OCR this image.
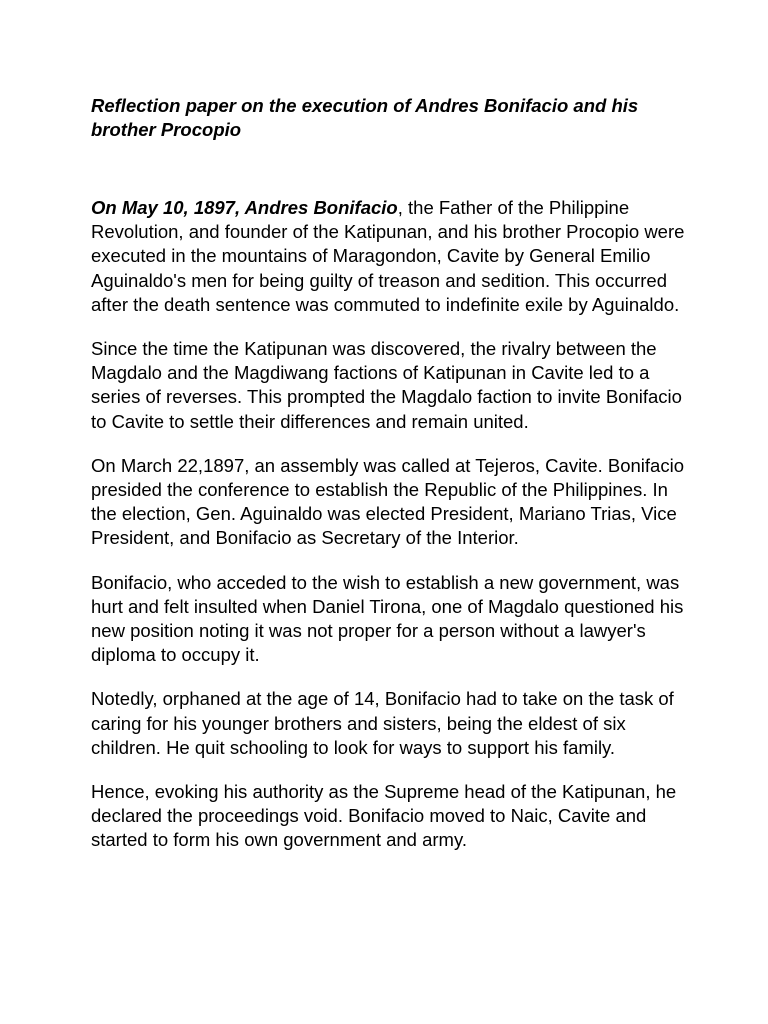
Reflection paper on the execution of Andres Bonifacio and his brother Procopio

On May 10, 1897, Andres Bonifacio, the Father of the Philippine Revolution, and founder of the Katipunan, and his brother Procopio were executed in the mountains of Maragondon, Cavite by General Emilio Aguinaldo's men for being guilty of treason and sedition. This occurred after the death sentence was commuted to indefinite exile by Aguinaldo.

Since the time the Katipunan was discovered, the rivalry between the Magdalo and the Magdiwang factions of Katipunan in Cavite led to a series of reverses. This prompted the Magdalo faction to invite Bonifacio to Cavite to settle their differences and remain united.

On March 22,1897, an assembly was called at Tejeros, Cavite. Bonifacio presided the conference to establish the Republic of the Philippines. In the election, Gen. Aguinaldo was elected President, Mariano Trias, Vice President, and Bonifacio as Secretary of the Interior.

Bonifacio, who acceded to the wish to establish a new government, was hurt and felt insulted when Daniel Tirona, one of Magdalo questioned his new position noting it was not proper for a person without a lawyer's diploma to occupy it.

Notedly, orphaned at the age of 14, Bonifacio had to take on the task of caring for his younger brothers and sisters, being the eldest of six children. He quit schooling to look for ways to support his family.

Hence, evoking his authority as the Supreme head of the Katipunan, he declared the proceedings void. Bonifacio moved to Naic, Cavite and started to form his own government and army.
